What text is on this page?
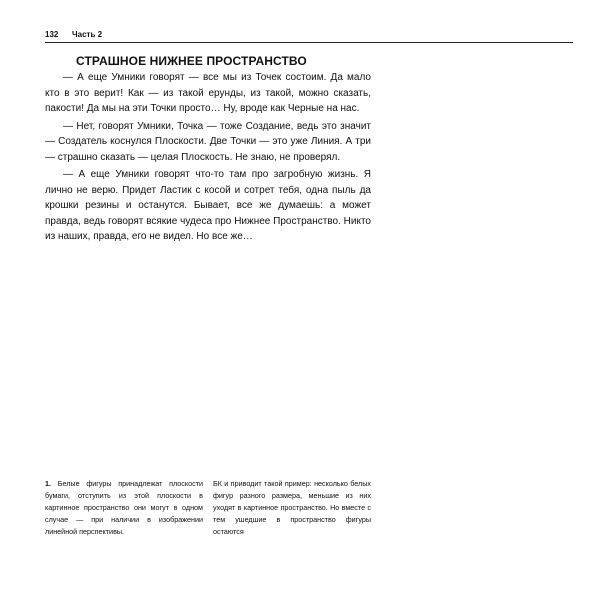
132 Часть 2
СТРАШНОЕ НИЖНЕЕ ПРОСТРАНСТВО

— А еще Умники говорят — все мы из Точек состоим. Да мало кто в это верит! Как — из такой ерунды, из такой, можно сказать, пакости! Да мы на эти Точки просто… Ну, вроде как Черные на нас.

— Нет, говорят Умники, Точка — тоже Создание, ведь это значит — Создатель коснулся Плоскости. Две Точки — это уже Линия. А три — страшно сказать — целая Плоскость. Не знаю, не проверял.

— А еще Умники говорят что-то там про загробную жизнь. Я лично не верю. Придет Ластик с косой и сотрет тебя, одна пыль да крошки резины и останутся. Бывает, все же думаешь: а может правда, ведь говорят всякие чудеса про Нижнее Пространство. Никто из наших, правда, его не видел. Но все же…

1. Белые фигуры принадлежат плоскости бумаги, отступить из этой плоскости в картинное пространство они могут в одном случае — при наличии в изображении линейной перспективы.
БК и приводит такой пример: несколько белых фигур разного размера, меньшие из них уходят в картинное пространство. Но вместе с тем ушедшие в пространство фигуры остаются
